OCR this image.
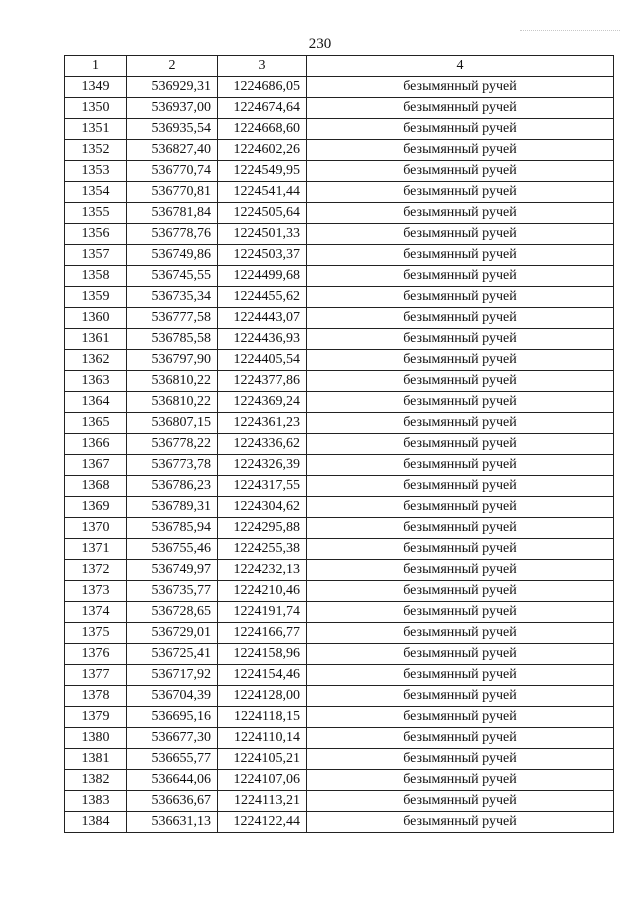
230
1	2	3	4
1349	536929,31	1224686,05	безымянный ручей
1350	536937,00	1224674,64	безымянный ручей
1351	536935,54	1224668,60	безымянный ручей
1352	536827,40	1224602,26	безымянный ручей
1353	536770,74	1224549,95	безымянный ручей
1354	536770,81	1224541,44	безымянный ручей
1355	536781,84	1224505,64	безымянный ручей
1356	536778,76	1224501,33	безымянный ручей
1357	536749,86	1224503,37	безымянный ручей
1358	536745,55	1224499,68	безымянный ручей
1359	536735,34	1224455,62	безымянный ручей
1360	536777,58	1224443,07	безымянный ручей
1361	536785,58	1224436,93	безымянный ручей
1362	536797,90	1224405,54	безымянный ручей
1363	536810,22	1224377,86	безымянный ручей
1364	536810,22	1224369,24	безымянный ручей
1365	536807,15	1224361,23	безымянный ручей
1366	536778,22	1224336,62	безымянный ручей
1367	536773,78	1224326,39	безымянный ручей
1368	536786,23	1224317,55	безымянный ручей
1369	536789,31	1224304,62	безымянный ручей
1370	536785,94	1224295,88	безымянный ручей
1371	536755,46	1224255,38	безымянный ручей
1372	536749,97	1224232,13	безымянный ручей
1373	536735,77	1224210,46	безымянный ручей
1374	536728,65	1224191,74	безымянный ручей
1375	536729,01	1224166,77	безымянный ручей
1376	536725,41	1224158,96	безымянный ручей
1377	536717,92	1224154,46	безымянный ручей
1378	536704,39	1224128,00	безымянный ручей
1379	536695,16	1224118,15	безымянный ручей
1380	536677,30	1224110,14	безымянный ручей
1381	536655,77	1224105,21	безымянный ручей
1382	536644,06	1224107,06	безымянный ручей
1383	536636,67	1224113,21	безымянный ручей
1384	536631,13	1224122,44	безымянный ручей
